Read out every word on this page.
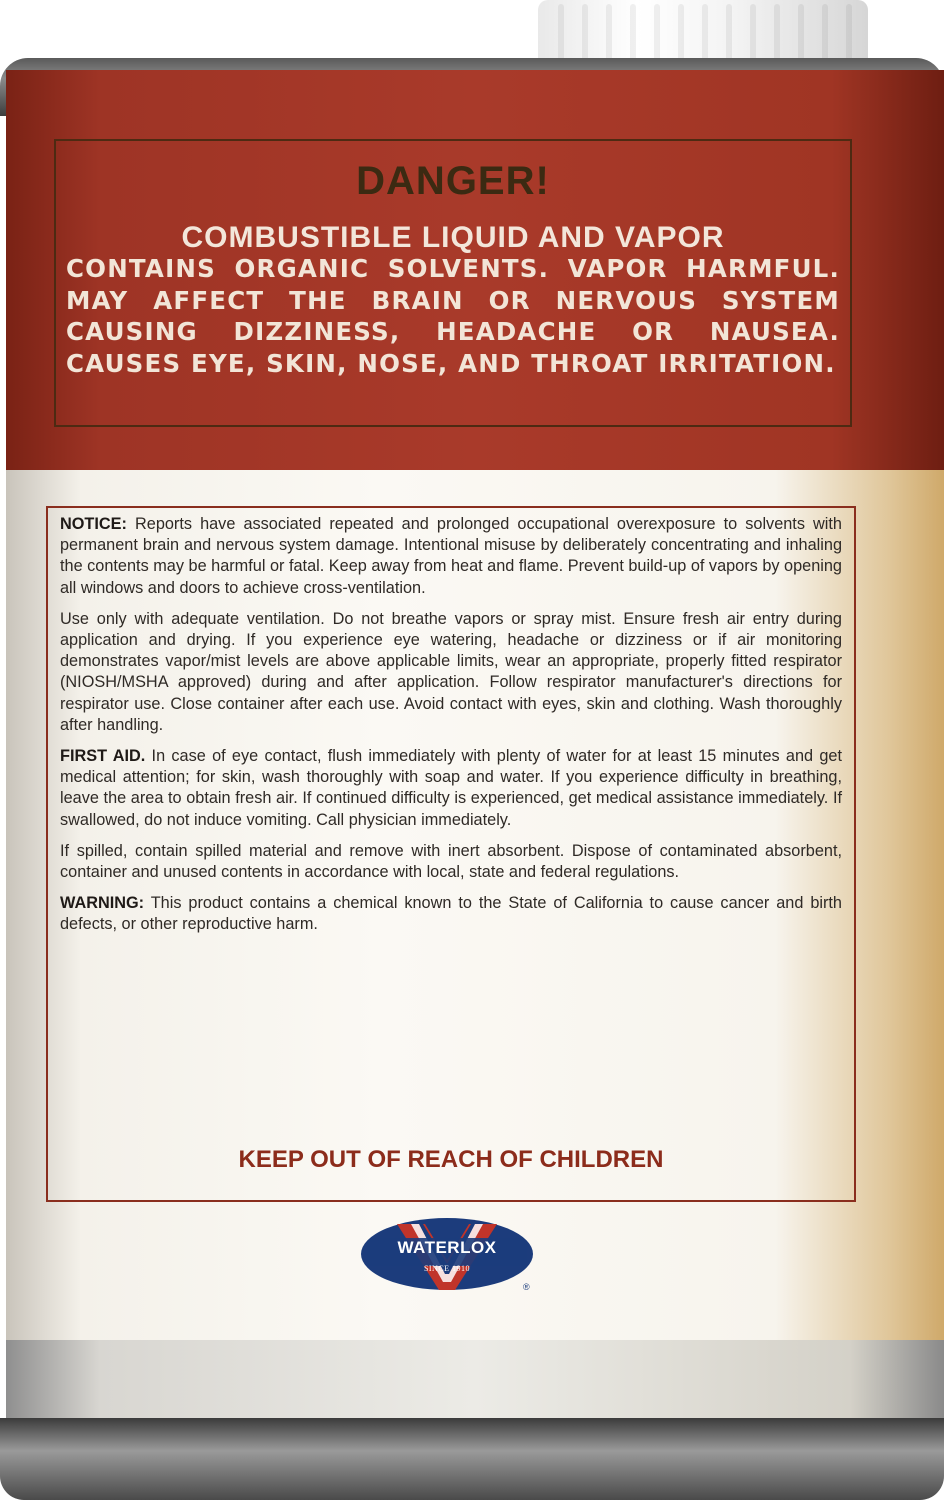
DANGER!
COMBUSTIBLE LIQUID AND VAPOR
CONTAINS ORGANIC SOLVENTS. VAPOR HARMFUL. MAY AFFECT THE BRAIN OR NERVOUS SYSTEM CAUSING DIZZINESS, HEADACHE OR NAUSEA. CAUSES EYE, SKIN, NOSE, AND THROAT IRRITATION.

NOTICE: Reports have associated repeated and prolonged occupational overexposure to solvents with permanent brain and nervous system damage. Intentional misuse by deliberately concentrating and inhaling the contents may be harmful or fatal. Keep away from heat and flame. Prevent build-up of vapors by opening all windows and doors to achieve cross-ventilation.

Use only with adequate ventilation. Do not breathe vapors or spray mist. Ensure fresh air entry during application and drying. If you experience eye watering, headache or dizziness or if air monitoring demonstrates vapor/mist levels are above applicable limits, wear an appropriate, properly fitted respirator (NIOSH/MSHA approved) during and after application. Follow respirator manufacturer's directions for respirator use. Close container after each use. Avoid contact with eyes, skin and clothing. Wash thoroughly after handling.

FIRST AID. In case of eye contact, flush immediately with plenty of water for at least 15 minutes and get medical attention; for skin, wash thoroughly with soap and water. If you experience difficulty in breathing, leave the area to obtain fresh air. If continued difficulty is experienced, get medical assistance immediately. If swallowed, do not induce vomiting. Call physician immediately.

If spilled, contain spilled material and remove with inert absorbent. Dispose of contaminated absorbent, container and unused contents in accordance with local, state and federal regulations.

WARNING: This product contains a chemical known to the State of California to cause cancer and birth defects, or other reproductive harm.

KEEP OUT OF REACH OF CHILDREN
WATERLOX
SINCE 1910
®
